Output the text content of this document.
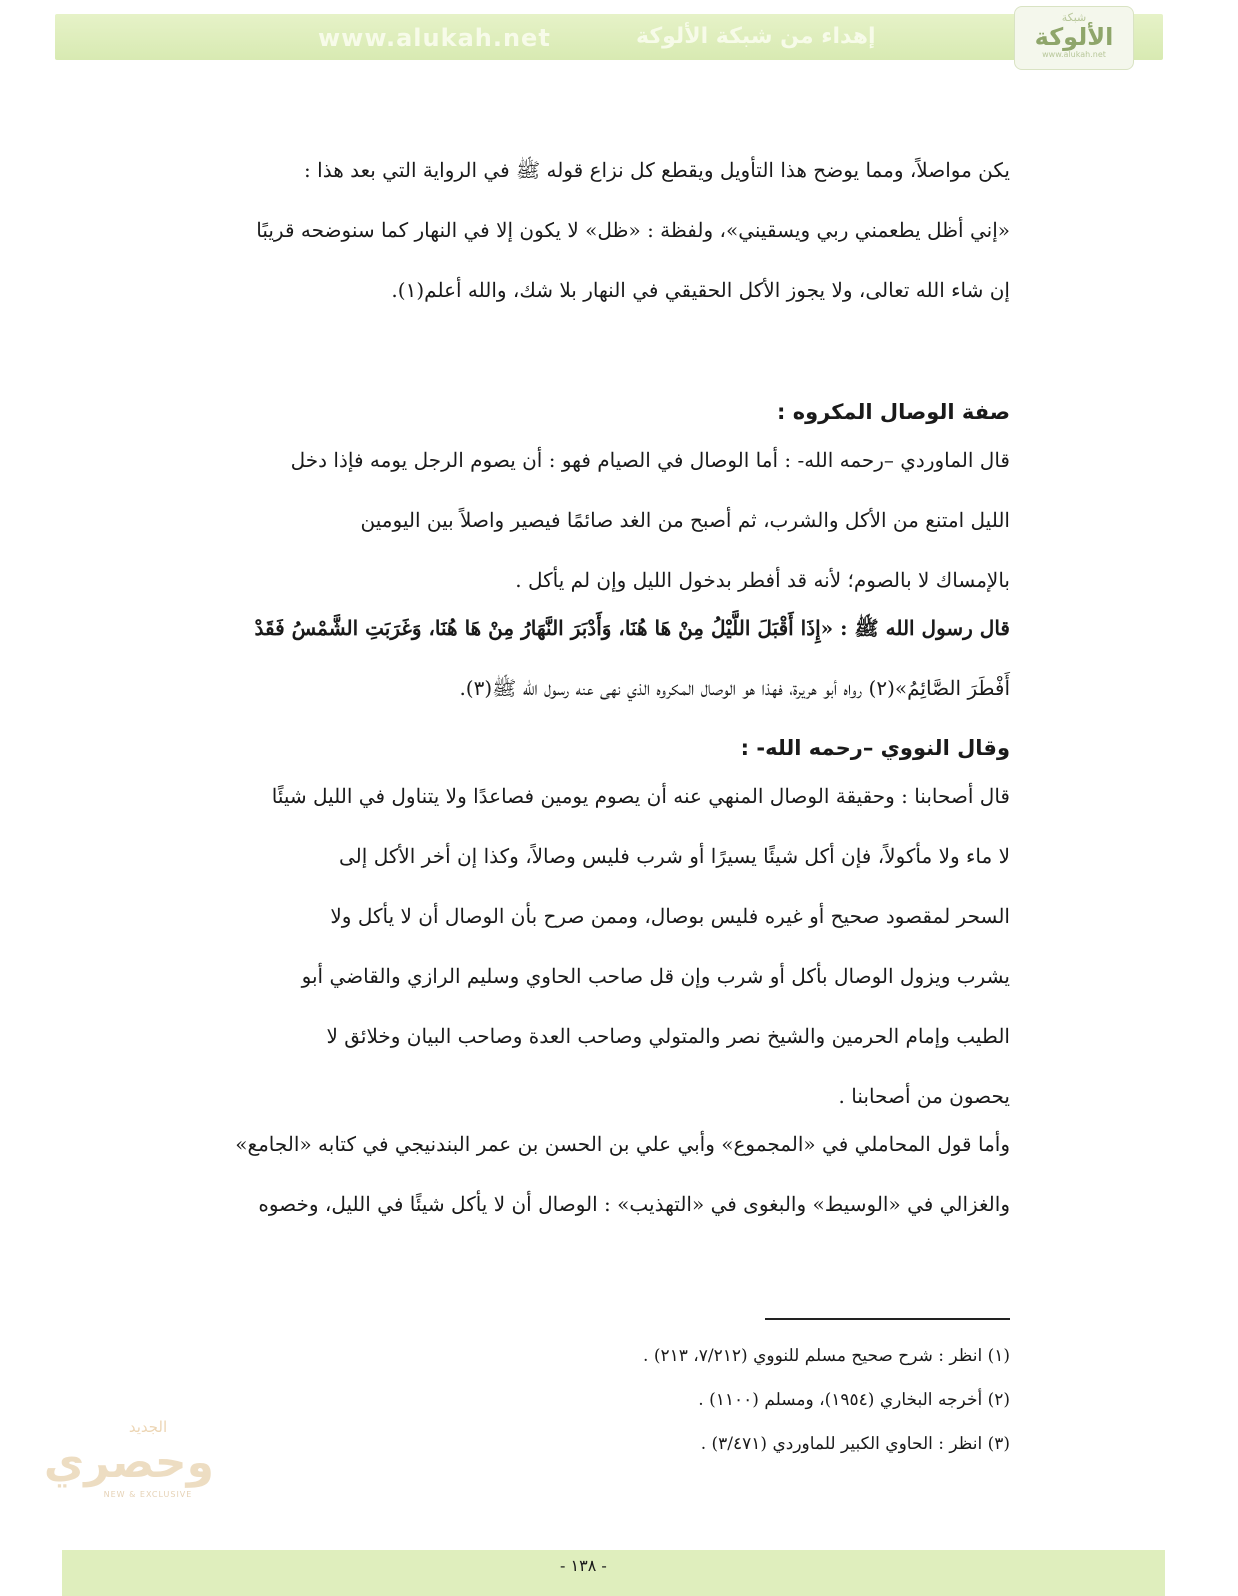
www.alukah.net	إهداء من شبكة الألوكة
شبكة
الألوكة
www.alukah.net
يكن مواصلاً، ومما يوضح هذا التأويل ويقطع كل نزاع قوله ﷺ في الرواية التي بعد هذا :
«إني أظل يطعمني ربي ويسقيني»، ولفظة : «ظل» لا يكون إلا في النهار كما سنوضحه قريبًا
إن شاء الله تعالى، ولا يجوز الأكل الحقيقي في النهار بلا شك، والله أعلم(١).
صفة الوصال المكروه :
قال الماوردي –رحمه الله- : أما الوصال في الصيام فهو : أن يصوم الرجل يومه فإذا دخل
الليل امتنع من الأكل والشرب، ثم أصبح من الغد صائمًا فيصير واصلاً بين اليومين
بالإمساك لا بالصوم؛ لأنه قد أفطر بدخول الليل وإن لم يأكل .
قال رسول الله ﷺ : «إِذَا أَقْبَلَ اللَّيْلُ مِنْ هَا هُنَا، وَأَدْبَرَ النَّهَارُ مِنْ هَا هُنَا، وَغَرَبَتِ الشَّمْسُ فَقَدْ
أَفْطَرَ الصَّائِمُ»(٢) رواه أبو هريرة، فهذا هو الوصال المكروه الذي نهى عنه رسول الله ﷺ(٣).
وقال النووي –رحمه الله- :
قال أصحابنا : وحقيقة الوصال المنهي عنه أن يصوم يومين فصاعدًا ولا يتناول في الليل شيئًا
لا ماء ولا مأكولاً، فإن أكل شيئًا يسيرًا أو شرب فليس وصالاً، وكذا إن أخر الأكل إلى
السحر لمقصود صحيح أو غيره فليس بوصال، وممن صرح بأن الوصال أن لا يأكل ولا
يشرب ويزول الوصال بأكل أو شرب وإن قل صاحب الحاوي وسليم الرازي والقاضي أبو
الطيب وإمام الحرمين والشيخ نصر والمتولي وصاحب العدة وصاحب البيان وخلائق لا
يحصون من أصحابنا .
وأما قول المحاملي في «المجموع» وأبي علي بن الحسن بن عمر البندنيجي في كتابه «الجامع»
والغزالي في «الوسيط» والبغوى في «التهذيب» : الوصال أن لا يأكل شيئًا في الليل، وخصوه
(١) انظر : شرح صحيح مسلم للنووي (٧/٢١٢، ٢١٣) .
(٢) أخرجه البخاري (١٩٥٤)، ومسلم (١١٠٠) .
(٣) انظر : الحاوي الكبير للماوردي (٣/٤٧١) .
الجديد
وحصري
NEW & EXCLUSIVE
- ١٣٨ -
